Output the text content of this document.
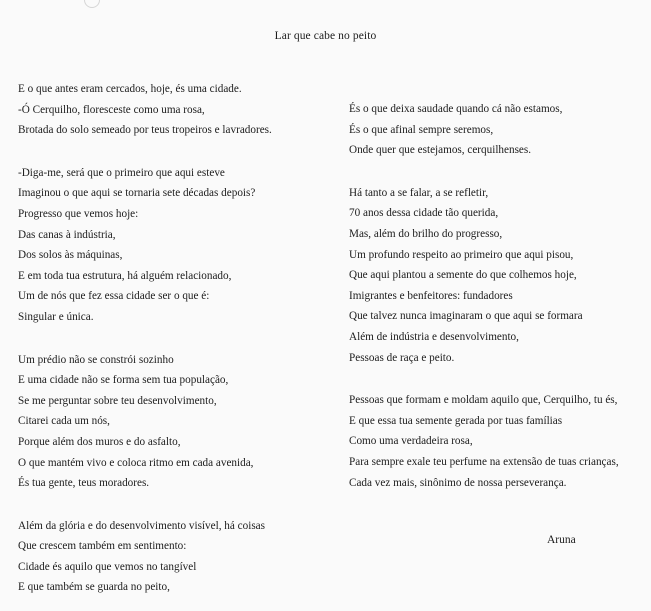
Lar que cabe no peito
E o que antes eram cercados, hoje, és uma cidade.
-Ó Cerquilho, floresceste como uma rosa,
Brotada do solo semeado por teus tropeiros e lavradores.
-Diga-me, será que o primeiro que aqui esteve
Imaginou o que aqui se tornaria sete décadas depois?
Progresso que vemos hoje:
Das canas à indústria,
Dos solos às máquinas,
E em toda tua estrutura, há alguém relacionado,
Um de nós que fez essa cidade ser o que é:
Singular e única.
Um prédio não se constrói sozinho
E uma cidade não se forma sem tua população,
Se me perguntar sobre teu desenvolvimento,
Citarei cada um nós,
Porque além dos muros e do asfalto,
O que mantém vivo e coloca ritmo em cada avenida,
És tua gente, teus moradores.
Além da glória e do desenvolvimento visível, há coisas
Que crescem também em sentimento:
Cidade és aquilo que vemos no tangível
E que também se guarda no peito,
És o que deixa saudade quando cá não estamos,
És o que afinal sempre seremos,
Onde quer que estejamos, cerquilhenses.
Há tanto a se falar, a se refletir,
70 anos dessa cidade tão querida,
Mas, além do brilho do progresso,
Um profundo respeito ao primeiro que aqui pisou,
Que aqui plantou a semente do que colhemos hoje,
Imigrantes e benfeitores: fundadores
Que talvez nunca imaginaram o que aqui se formara
Além de indústria e desenvolvimento,
Pessoas de raça e peito.
Pessoas que formam e moldam aquilo que, Cerquilho, tu és,
E que essa tua semente gerada por tuas famílias
Como uma verdadeira rosa,
Para sempre exale teu perfume na extensão de tuas crianças,
Cada vez mais, sinônimo de nossa perseverança.
Aruna
